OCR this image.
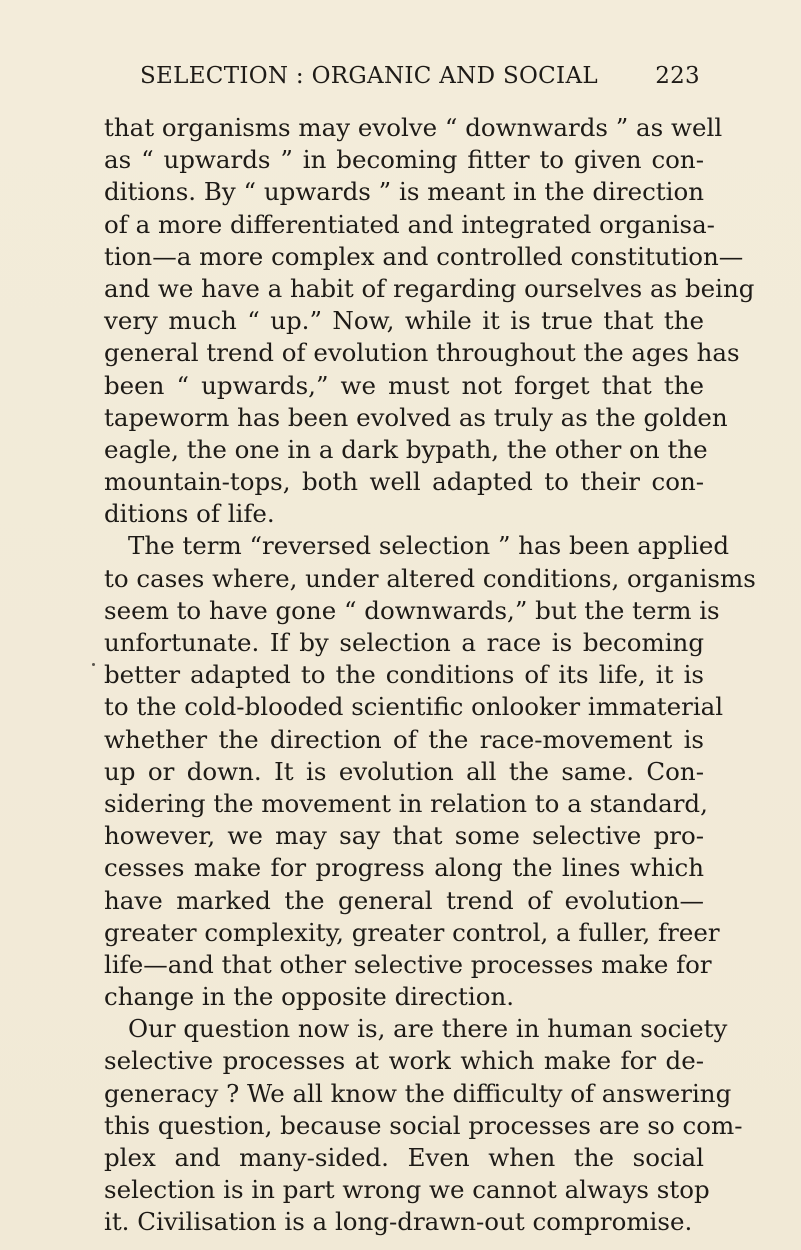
SELECTION : ORGANIC AND SOCIAL 223
that organisms may evolve “ downwards ” as well
as “ upwards ” in becoming fitter to given con-
ditions. By “ upwards ” is meant in the direction
of a more differentiated and integrated organisa-
tion—a more complex and controlled constitution—
and we have a habit of regarding ourselves as being
very much “ up.” Now, while it is true that the
general trend of evolution throughout the ages has
been “ upwards,” we must not forget that the
tapeworm has been evolved as truly as the golden
eagle, the one in a dark bypath, the other on the
mountain-tops, both well adapted to their con-
ditions of life.
The term “reversed selection ” has been applied
to cases where, under altered conditions, organisms
seem to have gone “ downwards,” but the term is
unfortunate. If by selection a race is becoming
better adapted to the conditions of its life, it is
to the cold-blooded scientific onlooker immaterial
whether the direction of the race-movement is
up or down. It is evolution all the same. Con-
sidering the movement in relation to a standard,
however, we may say that some selective pro-
cesses make for progress along the lines which
have marked the general trend of evolution—
greater complexity, greater control, a fuller, freer
life—and that other selective processes make for
change in the opposite direction.
Our question now is, are there in human society
selective processes at work which make for de-
generacy ? We all know the difficulty of answering
this question, because social processes are so com-
plex and many-sided. Even when the social
selection is in part wrong we cannot always stop
it. Civilisation is a long-drawn-out compromise.
